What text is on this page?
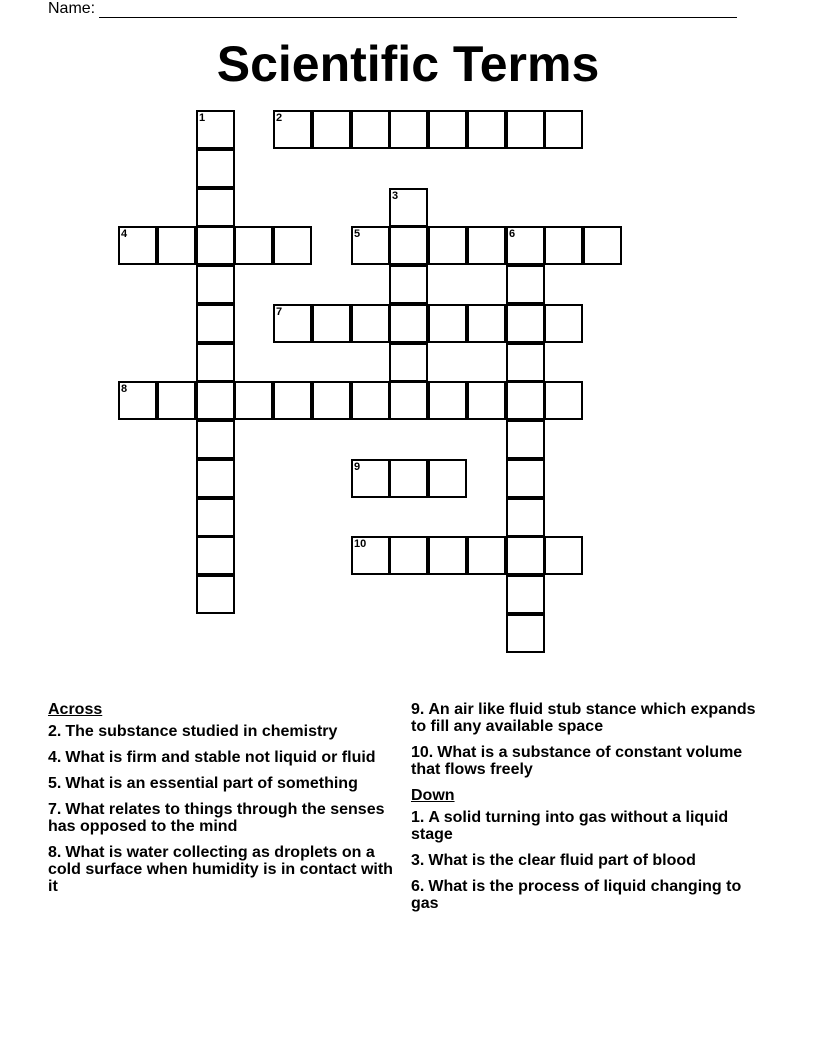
Name:
Scientific Terms
1	2
3
4	5	6
7
8
9
10
Across
2. The substance studied in chemistry
4. What is firm and stable not liquid or fluid
5. What is an essential part of something
7. What relates to things through the senses has opposed to the mind
8. What is water collecting as droplets on a cold surface when humidity is in contact with it
9. An air like fluid stub stance which expands to fill any available space
10. What is a substance of constant volume that flows freely
Down
1. A solid turning into gas without a liquid stage
3. What is the clear fluid part of blood
6. What is the process of liquid changing to gas
